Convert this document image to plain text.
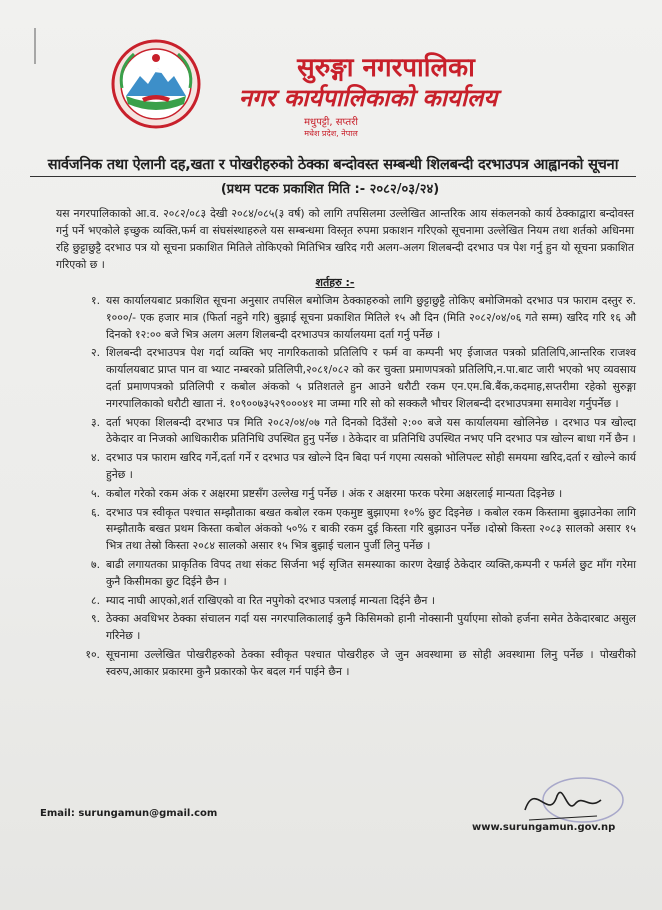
सुरुङ्गा नगरपालिका
नगर कार्यपालिकाको कार्यालय
मधुपट्टी, सप्तरी
मधेश प्रदेश, नेपाल
सार्वजनिक तथा ऐलानी दह,खता र पोखरीहरुको ठेक्का बन्दोवस्त सम्बन्धी शिलबन्दी दरभाउपत्र आह्वानको सूचना
(प्रथम पटक प्रकाशित मिति :- २०८२/०३/२४)
यस नगरपालिकाको आ.व. २०८२/०८३ देखी २०८४/०८५(३ वर्ष) को लागि तपसिलमा उल्लेखित आन्तरिक आय संकलनको कार्य ठेक्काद्वारा बन्दोवस्त गर्नु पर्ने भएकोले इच्छुक व्यक्ति,फर्म वा संघसंस्थाहरुले यस सम्बन्धमा विस्तृत रुपमा प्रकाशन गरिएको सूचनामा उल्लेखित नियम तथा शर्तको अधिनमा रहि छुट्टाछुट्टै दरभाउ पत्र यो सूचना प्रकाशित मितिले तोकिएको मितिभित्र खरिद गरी अलग-अलग शिलबन्दी दरभाउ पत्र पेश गर्नु हुन यो सूचना प्रकाशित गरिएको छ ।
शर्तहरु :-
१. यस कार्यालयबाट प्रकाशित सूचना अनुसार तपसिल बमोजिम ठेक्काहरुको लागि छुट्टाछुट्टै तोकिए बमोजिमको दरभाउ पत्र फाराम दस्तुर रु. १०००/- एक हजार मात्र (फिर्ता नहुने गरि) बुझाई सूचना प्रकाशित मितिले १५ औ दिन (मिति २०८२/०४/०६ गते सम्म) खरिद गरि १६ औ दिनको १२:०० बजे भित्र अलग अलग शिलबन्दी दरभाउपत्र कार्यालयमा दर्ता गर्नु पर्नेछ ।
२. शिलबन्दी दरभाउपत्र पेश गर्दा व्यक्ति भए नागरिकताको प्रतिलिपि र फर्म वा कम्पनी भए ईजाजत पत्रको प्रतिलिपि,आन्तरिक राजश्व कार्यालयबाट प्राप्त पान वा भ्याट नम्बरको प्रतिलिपी,२०८१/०८२ को कर चुक्ता प्रमाणपत्रको प्रतिलिपि,न.पा.बाट जारी भएको भए व्यवसाय दर्ता प्रमाणपत्रको प्रतिलिपी र कबोल अंकको ५ प्रतिशतले हुन आउने धरौटी रकम एन.एम.बि.बैंक,कदमाह,सप्तरीमा रहेको सुरुङ्गा नगरपालिकाको धरौटी खाता नं. १०९००७३५२९०००४१ मा जम्मा गरि सो को सक्कलै भौचर शिलबन्दी दरभाउपत्रमा समावेश गर्नुपर्नेछ ।
३. दर्ता भएका शिलबन्दी दरभाउ पत्र मिति २०८२/०४/०७ गते दिनको दिउँसो २:०० बजे यस कार्यालयमा खोलिनेछ । दरभाउ पत्र खोल्दा ठेकेदार वा निजको आधिकारीक प्रतिनिधि उपस्थित हुनु पर्नेछ । ठेकेदार वा प्रतिनिधि उपस्थित नभए पनि दरभाउ पत्र खोल्न बाधा गर्ने छैन ।
४. दरभाउ पत्र फाराम खरिद गर्ने,दर्ता गर्ने र दरभाउ पत्र खोल्ने दिन बिदा पर्न गएमा त्यसको भोलिपल्ट सोही समयमा खरिद,दर्ता र खोल्ने कार्य हुनेछ ।
५. कबोल गरेको रकम अंक र अक्षरमा प्रष्टसँग उल्लेख गर्नु पर्नेछ । अंक र अक्षरमा फरक परेमा अक्षरलाई मान्यता दिइनेछ ।
६. दरभाउ पत्र स्वीकृत पश्चात सम्झौताका बखत कबोल रकम एकमुष्ट बुझाएमा १०% छुट दिइनेछ । कबोल रकम किस्तामा बुझाउनेका लागि सम्झौताकै बखत प्रथम किस्ता कबोल अंकको ५०% र बाकी रकम दुई किस्ता गरि बुझाउन पर्नेछ ।दोस्रो किस्ता २०८३ सालको असार १५ भित्र तथा तेस्रो किस्ता २०८४ सालको असार १५ भित्र बुझाई चलान पुर्जी लिनु पर्नेछ ।
७. बाढी लगायतका प्राकृतिक विपद तथा संकट सिर्जना भई सृजित समस्याका कारण देखाई ठेकेदार व्यक्ति,कम्पनी र फर्मले छुट माँग गरेमा कुनै किसीमका छुट दिईने छैन ।
८. म्याद नाघी आएको,शर्त राखिएको वा रित नपुगेको दरभाउ पत्रलाई मान्यता दिईने छैन ।
९. ठेक्का अवधिभर ठेक्का संचालन गर्दा यस नगरपालिकालाई कुनै किसिमको हानी नोक्सानी पुर्याएमा सोको हर्जना समेत ठेकेदारबाट असुल गरिनेछ ।
१०. सूचनामा उल्लेखित पोखरीहरुको ठेक्का स्वीकृत पश्चात पोखरीहरु जे जुन अवस्थामा छ सोही अवस्थामा लिनु पर्नेछ । पोखरीको स्वरुप,आकार प्रकारमा कुनै प्रकारको फेर बदल गर्न पाईने छैन ।
Email: surungamun@gmail.com
www.surungamun.gov.np
